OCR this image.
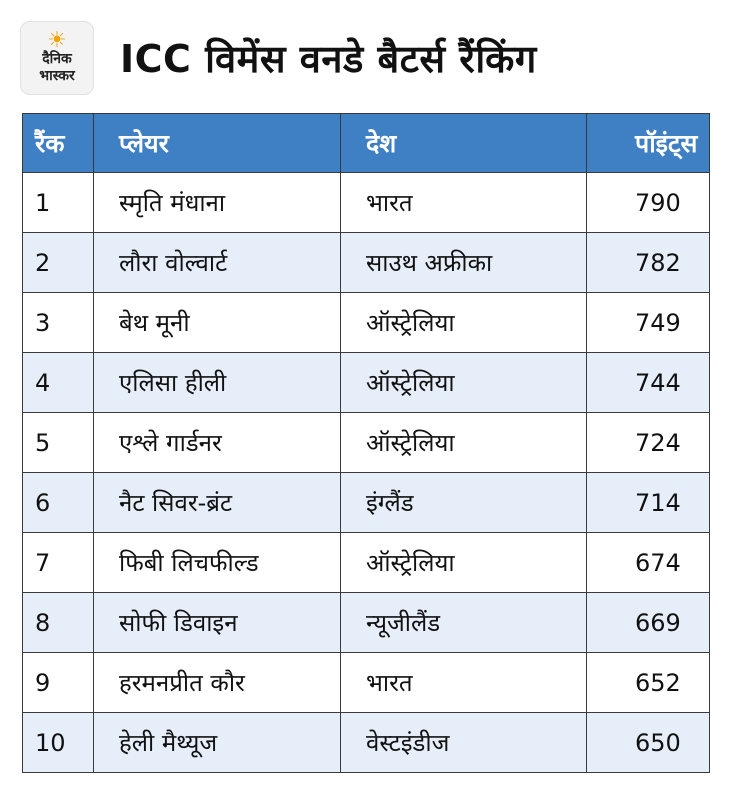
☀
दैनिक
भास्कर ICC विमेंस वनडे बैटर्स रैंकिंग
रैंक	प्लेयर	देश	पॉइंट्स
1	स्मृति मंधाना	भारत	790
2	लौरा वोल्वार्ट	साउथ अफ्रीका	782
3	बेथ मूनी	ऑस्ट्रेलिया	749
4	एलिसा हीली	ऑस्ट्रेलिया	744
5	एश्ले गार्डनर	ऑस्ट्रेलिया	724
6	नैट सिवर-ब्रंट	इंग्लैंड	714
7	फिबी लिचफील्ड	ऑस्ट्रेलिया	674
8	सोफी डिवाइन	न्यूजीलैंड	669
9	हरमनप्रीत कौर	भारत	652
10	हेली मैथ्यूज	वेस्टइंडीज	650
